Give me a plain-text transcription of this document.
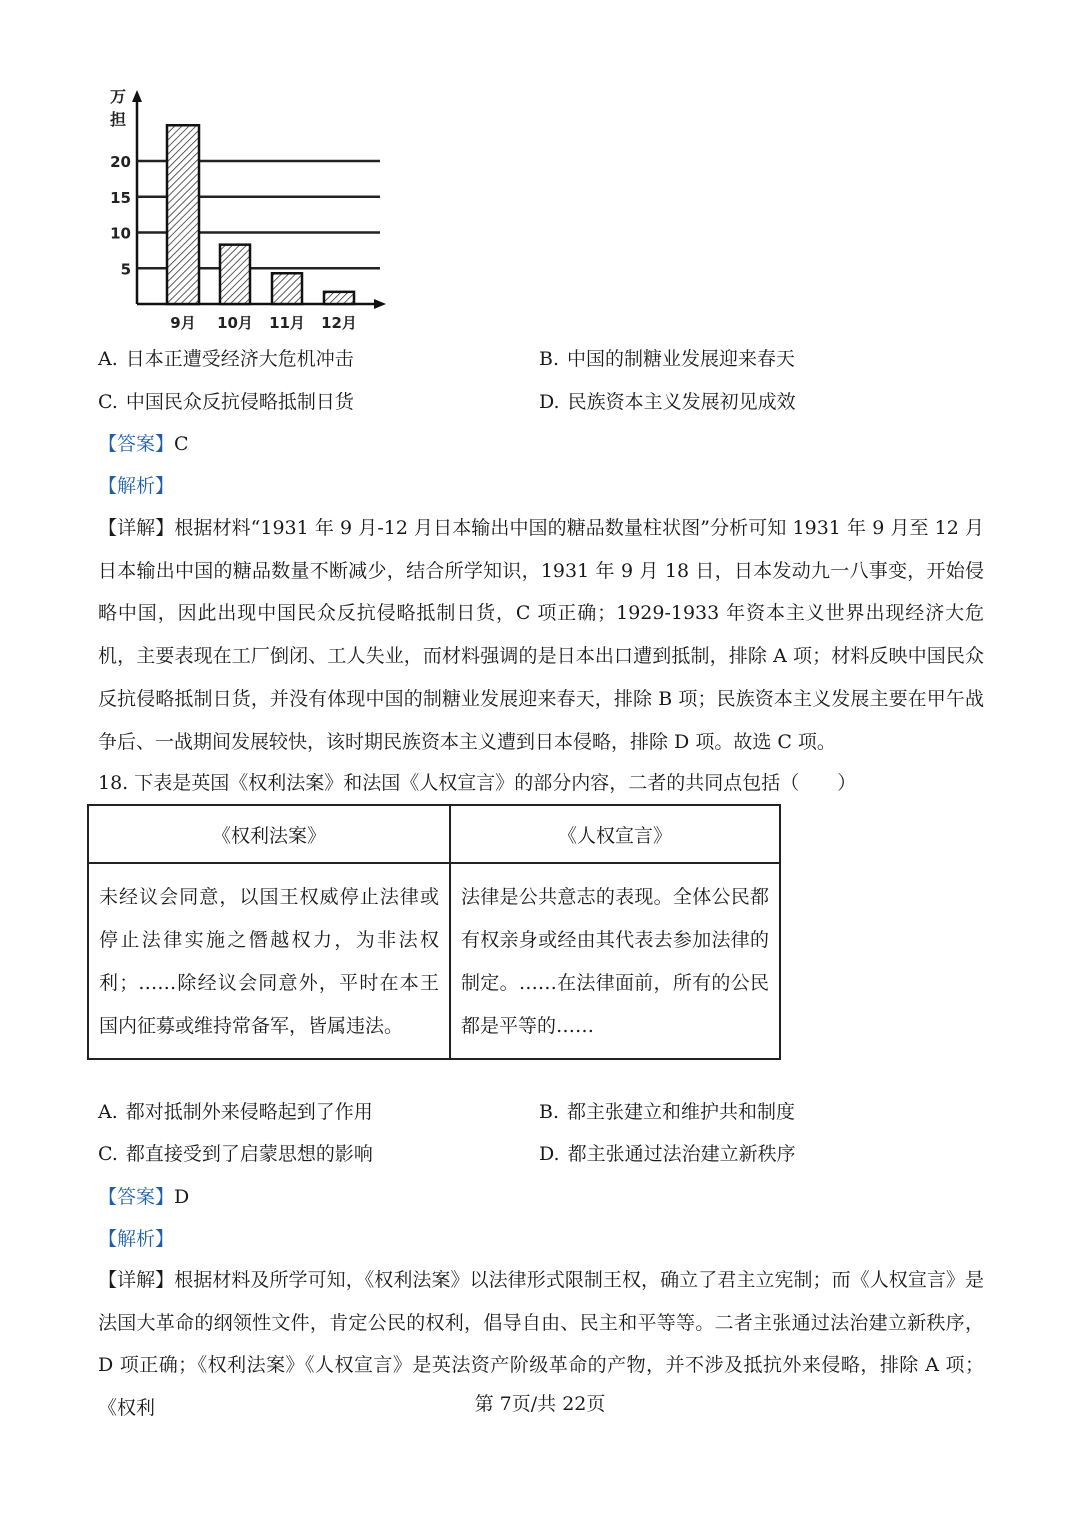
万
担
5
10
15
20
9月 10月 11月 12月
A. 日本正遭受经济大危机冲击	B. 中国的制糖业发展迎来春天
C. 中国民众反抗侵略抵制日货	D. 民族资本主义发展初见成效
【答案】C
【解析】
【详解】根据材料“1931 年 9 月-12 月日本输出中国的糖品数量柱状图”分析可知 1931 年 9 月至 12 月日本输出中国的糖品数量不断减少，结合所学知识，1931 年 9 月 18 日，日本发动九一八事变，开始侵略中国，因此出现中国民众反抗侵略抵制日货，C 项正确；1929-1933 年资本主义世界出现经济大危机，主要表现在工厂倒闭、工人失业，而材料强调的是日本出口遭到抵制，排除 A 项；材料反映中国民众反抗侵略抵制日货，并没有体现中国的制糖业发展迎来春天，排除 B 项；民族资本主义发展主要在甲午战争后、一战期间发展较快，该时期民族资本主义遭到日本侵略，排除 D 项。故选 C 项。
18. 下表是英国《权利法案》和法国《人权宣言》的部分内容，二者的共同点包括（　　）
《权利法案》	《人权宣言》
未经议会同意，以国王权威停止法律或停止法律实施之僭越权力，为非法权利；……除经议会同意外，平时在本王国内征募或维持常备军，皆属违法。	法律是公共意志的表现。全体公民都有权亲身或经由其代表去参加法律的制定。……在法律面前，所有的公民都是平等的……
A. 都对抵制外来侵略起到了作用	B. 都主张建立和维护共和制度
C. 都直接受到了启蒙思想的影响	D. 都主张通过法治建立新秩序
【答案】D
【解析】
【详解】根据材料及所学可知，《权利法案》以法律形式限制王权，确立了君主立宪制；而《人权宣言》是法国大革命的纲领性文件，肯定公民的权利，倡导自由、民主和平等等。二者主张通过法治建立新秩序，D 项正确；《权利法案》《人权宣言》是英法资产阶级革命的产物，并不涉及抵抗外来侵略，排除 A 项；《权利	第 7页/共 22页
